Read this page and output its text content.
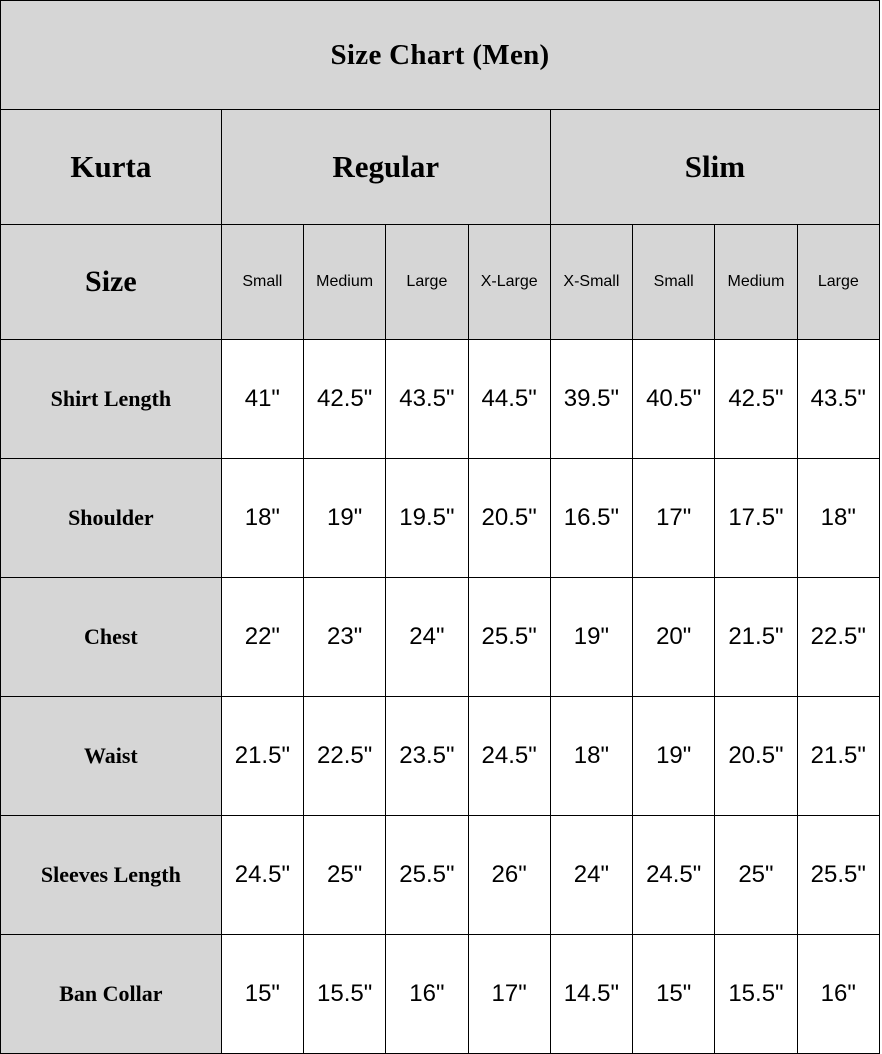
Size Chart (Men)								
Kurta	Regular				Slim			
Size	Small	Medium	Large	X-Large	X-Small	Small	Medium	Large
Shirt Length	41"	42.5"	43.5"	44.5"	39.5"	40.5"	42.5"	43.5"
Shoulder	18"	19"	19.5"	20.5"	16.5"	17"	17.5"	18"
Chest	22"	23"	24"	25.5"	19"	20"	21.5"	22.5"
Waist	21.5"	22.5"	23.5"	24.5"	18"	19"	20.5"	21.5"
Sleeves Length	24.5"	25"	25.5"	26"	24"	24.5"	25"	25.5"
Ban Collar	15"	15.5"	16"	17"	14.5"	15"	15.5"	16"
